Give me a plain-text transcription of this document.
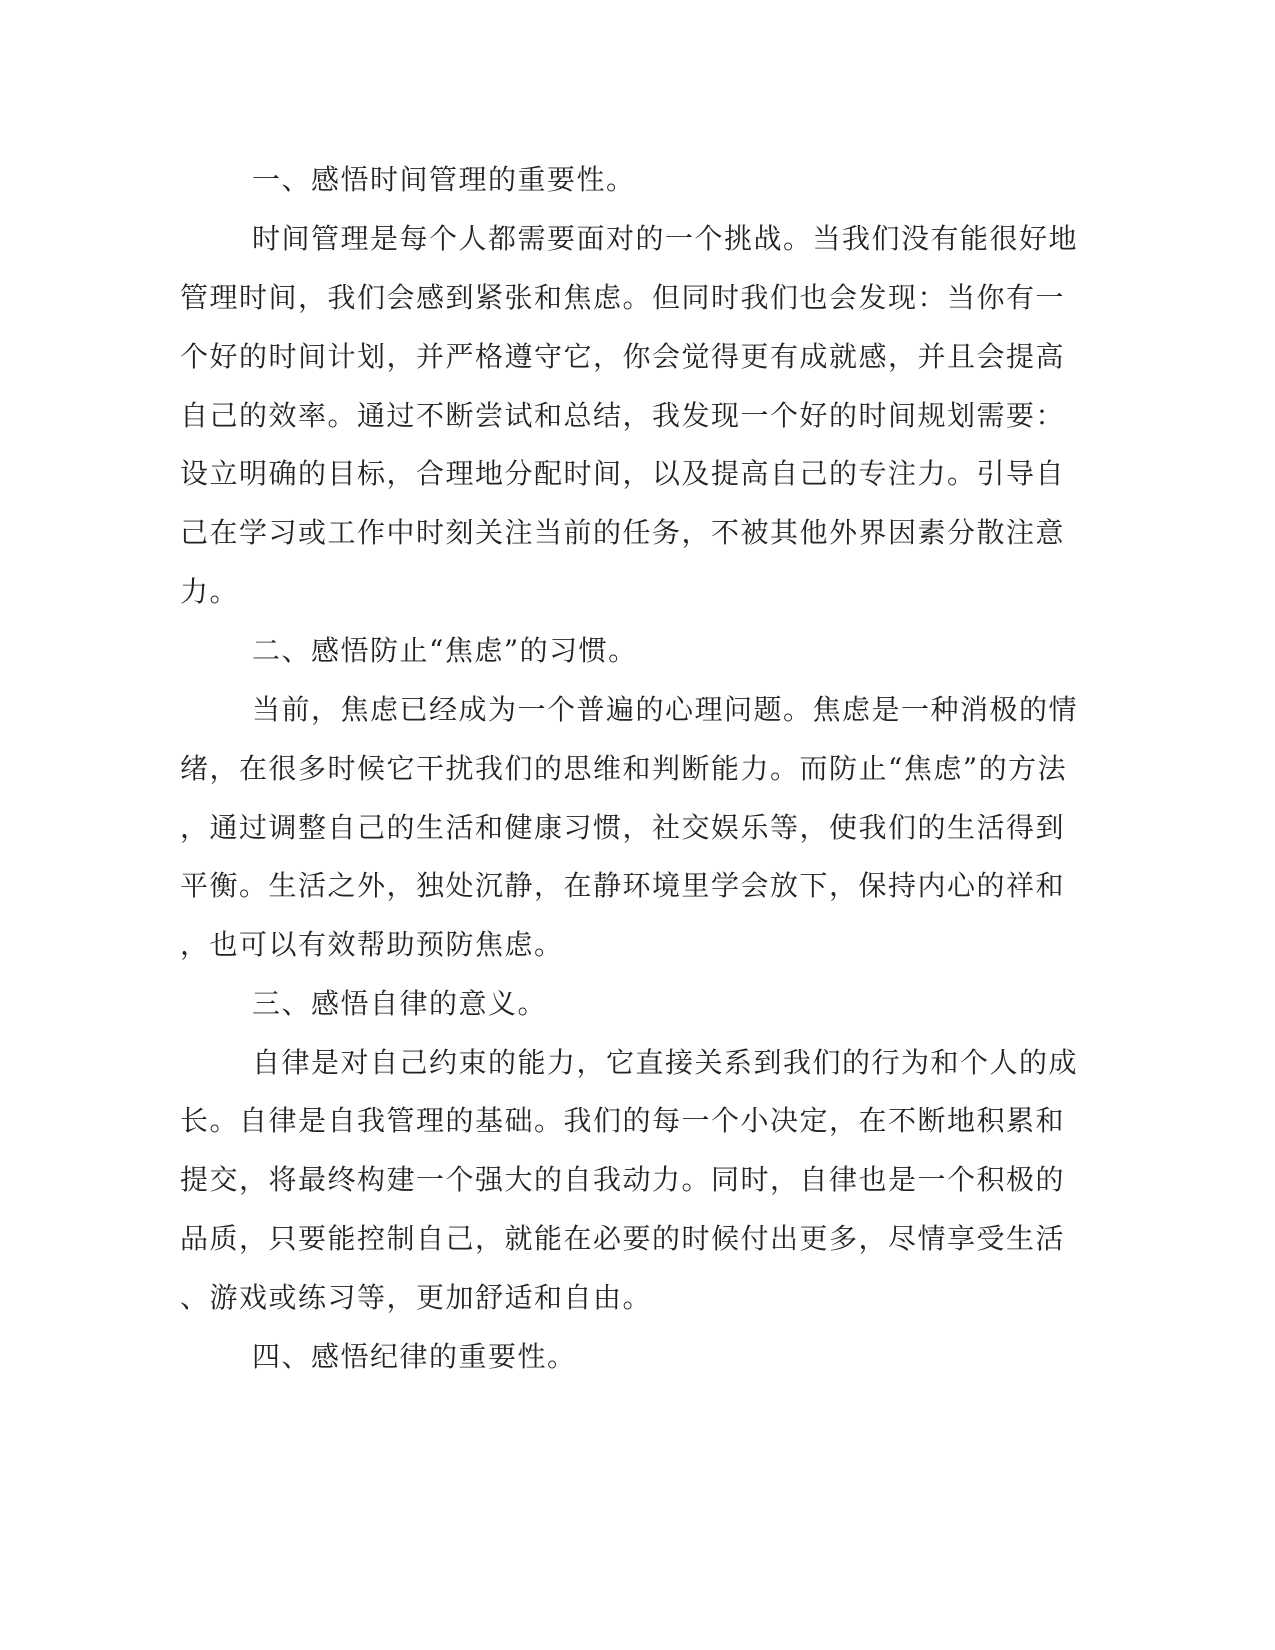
一、感悟时间管理的重要性。
时间管理是每个人都需要面对的一个挑战。当我们没有能很好地
管理时间，我们会感到紧张和焦虑。但同时我们也会发现：当你有一
个好的时间计划，并严格遵守它，你会觉得更有成就感，并且会提高
自己的效率。通过不断尝试和总结，我发现一个好的时间规划需要：
设立明确的目标，合理地分配时间，以及提高自己的专注力。引导自
己在学习或工作中时刻关注当前的任务，不被其他外界因素分散注意
力。
二、感悟防止“焦虑”的习惯。
当前，焦虑已经成为一个普遍的心理问题。焦虑是一种消极的情
绪，在很多时候它干扰我们的思维和判断能力。而防止“焦虑”的方法
，通过调整自己的生活和健康习惯，社交娱乐等，使我们的生活得到
平衡。生活之外，独处沉静，在静环境里学会放下，保持内心的祥和
，也可以有效帮助预防焦虑。
三、感悟自律的意义。
自律是对自己约束的能力，它直接关系到我们的行为和个人的成
长。自律是自我管理的基础。我们的每一个小决定，在不断地积累和
提交，将最终构建一个强大的自我动力。同时，自律也是一个积极的
品质，只要能控制自己，就能在必要的时候付出更多，尽情享受生活
、游戏或练习等，更加舒适和自由。
四、感悟纪律的重要性。
